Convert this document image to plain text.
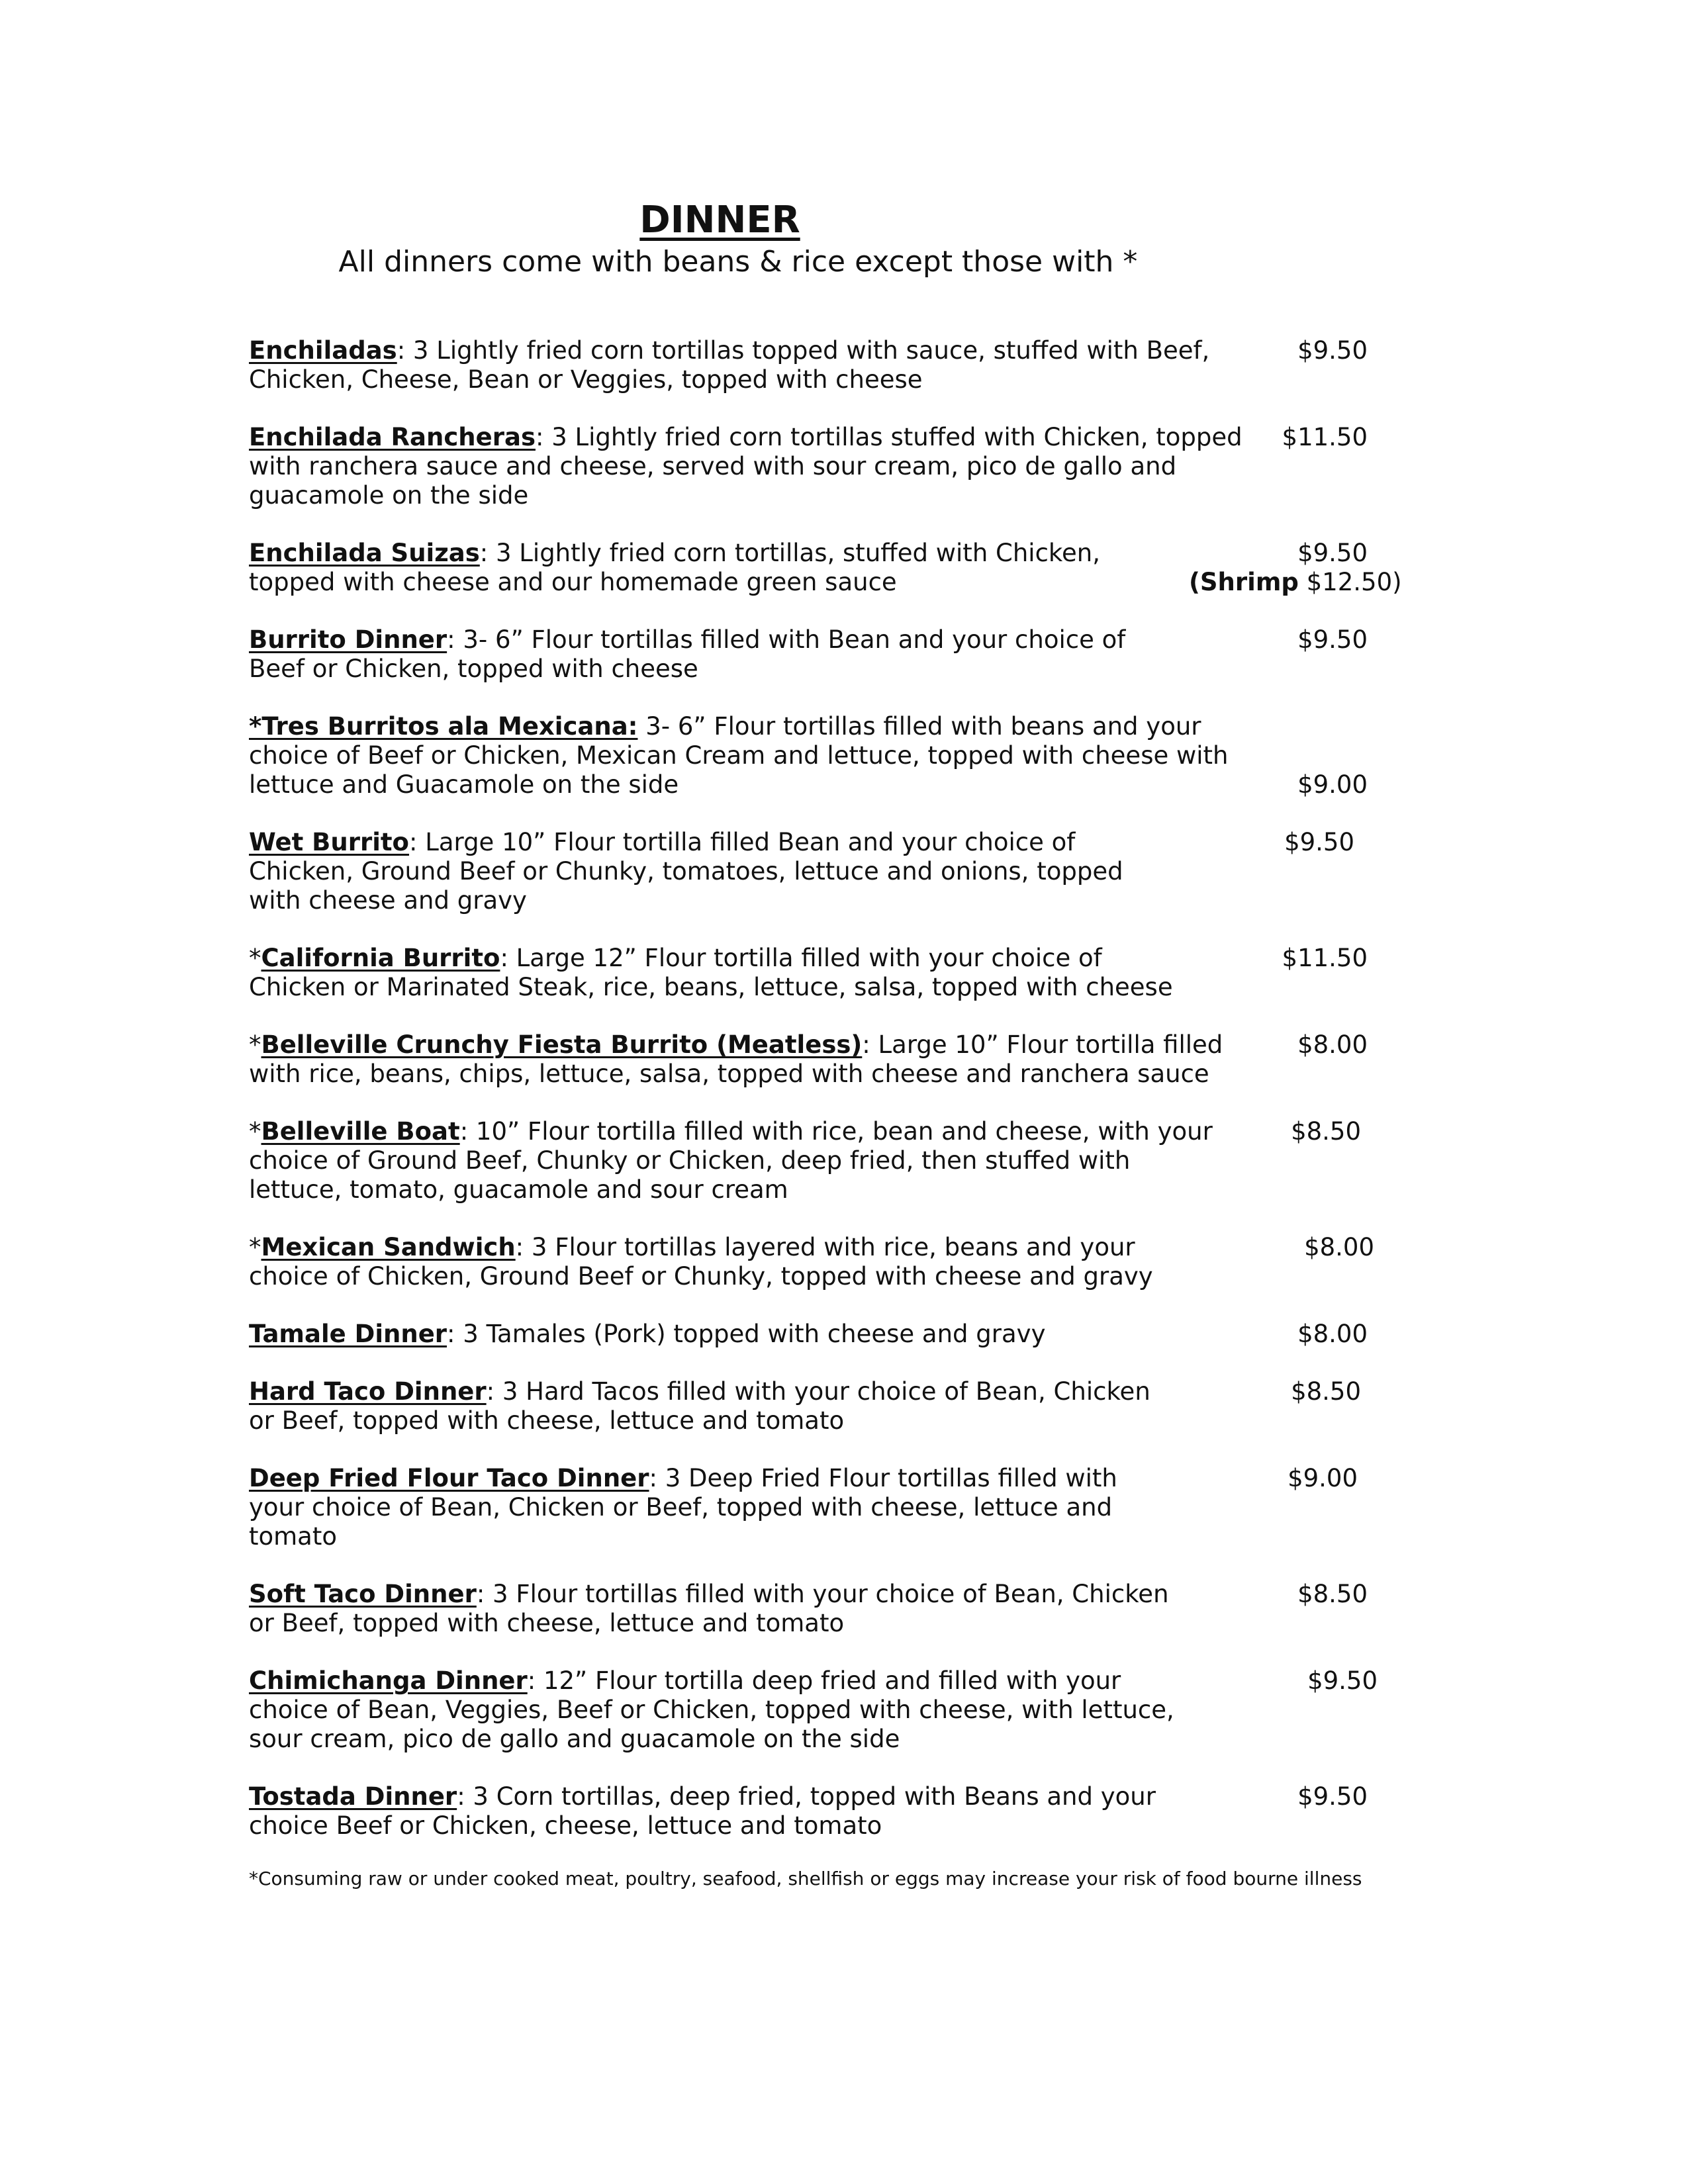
DINNER

All dinners come with beans & rice except those with *

Enchiladas: 3 Lightly fried corn tortillas topped with sauce, stuffed with Beef, Chicken, Cheese, Bean or Veggies, topped with cheese
$9.50
Enchilada Rancheras: 3 Lightly fried corn tortillas stuffed with Chicken, topped with ranchera sauce and cheese, served with sour cream, pico de gallo and guacamole on the side
$11.50
Enchilada Suizas: 3 Lightly fried corn tortillas, stuffed with Chicken, topped with cheese and our homemade green sauce
$9.50
(Shrimp $12.50)
Burrito Dinner: 3- 6” Flour tortillas filled with Bean and your choice of Beef or Chicken, topped with cheese
$9.50
*Tres Burritos ala Mexicana: 3- 6” Flour tortillas filled with beans and your choice of Beef or Chicken, Mexican Cream and lettuce, topped with cheese with lettuce and Guacamole on the side	$9.00
Wet Burrito: Large 10” Flour tortilla filled Bean and your choice of Chicken, Ground Beef or Chunky, tomatoes, lettuce and onions, topped with cheese and gravy
$9.50
*California Burrito: Large 12” Flour tortilla filled with your choice of Chicken or Marinated Steak, rice, beans, lettuce, salsa, topped with cheese
$11.50
*Belleville Crunchy Fiesta Burrito (Meatless): Large 10” Flour tortilla filled with rice, beans, chips, lettuce, salsa, topped with cheese and ranchera sauce
$8.00
*Belleville Boat: 10” Flour tortilla filled with rice, bean and cheese, with your choice of Ground Beef, Chunky or Chicken, deep fried, then stuffed with lettuce, tomato, guacamole and sour cream
$8.50
*Mexican Sandwich: 3 Flour tortillas layered with rice, beans and your choice of Chicken, Ground Beef or Chunky, topped with cheese and gravy
$8.00
Tamale Dinner: 3 Tamales (Pork) topped with cheese and gravy	$8.00
Hard Taco Dinner: 3 Hard Tacos filled with your choice of Bean, Chicken or Beef, topped with cheese, lettuce and tomato
$8.50
Deep Fried Flour Taco Dinner: 3 Deep Fried Flour tortillas filled with your choice of Bean, Chicken or Beef, topped with cheese, lettuce and tomato
$9.00
Soft Taco Dinner: 3 Flour tortillas filled with your choice of Bean, Chicken or Beef, topped with cheese, lettuce and tomato
$8.50
Chimichanga Dinner: 12” Flour tortilla deep fried and filled with your choice of Bean, Veggies, Beef or Chicken, topped with cheese, with lettuce, sour cream, pico de gallo and guacamole on the side
$9.50
Tostada Dinner: 3 Corn tortillas, deep fried, topped with Beans and your choice Beef or Chicken, cheese, lettuce and tomato
$9.50

*Consuming raw or under cooked meat, poultry, seafood, shellfish or eggs may increase your risk of food bourne illness
